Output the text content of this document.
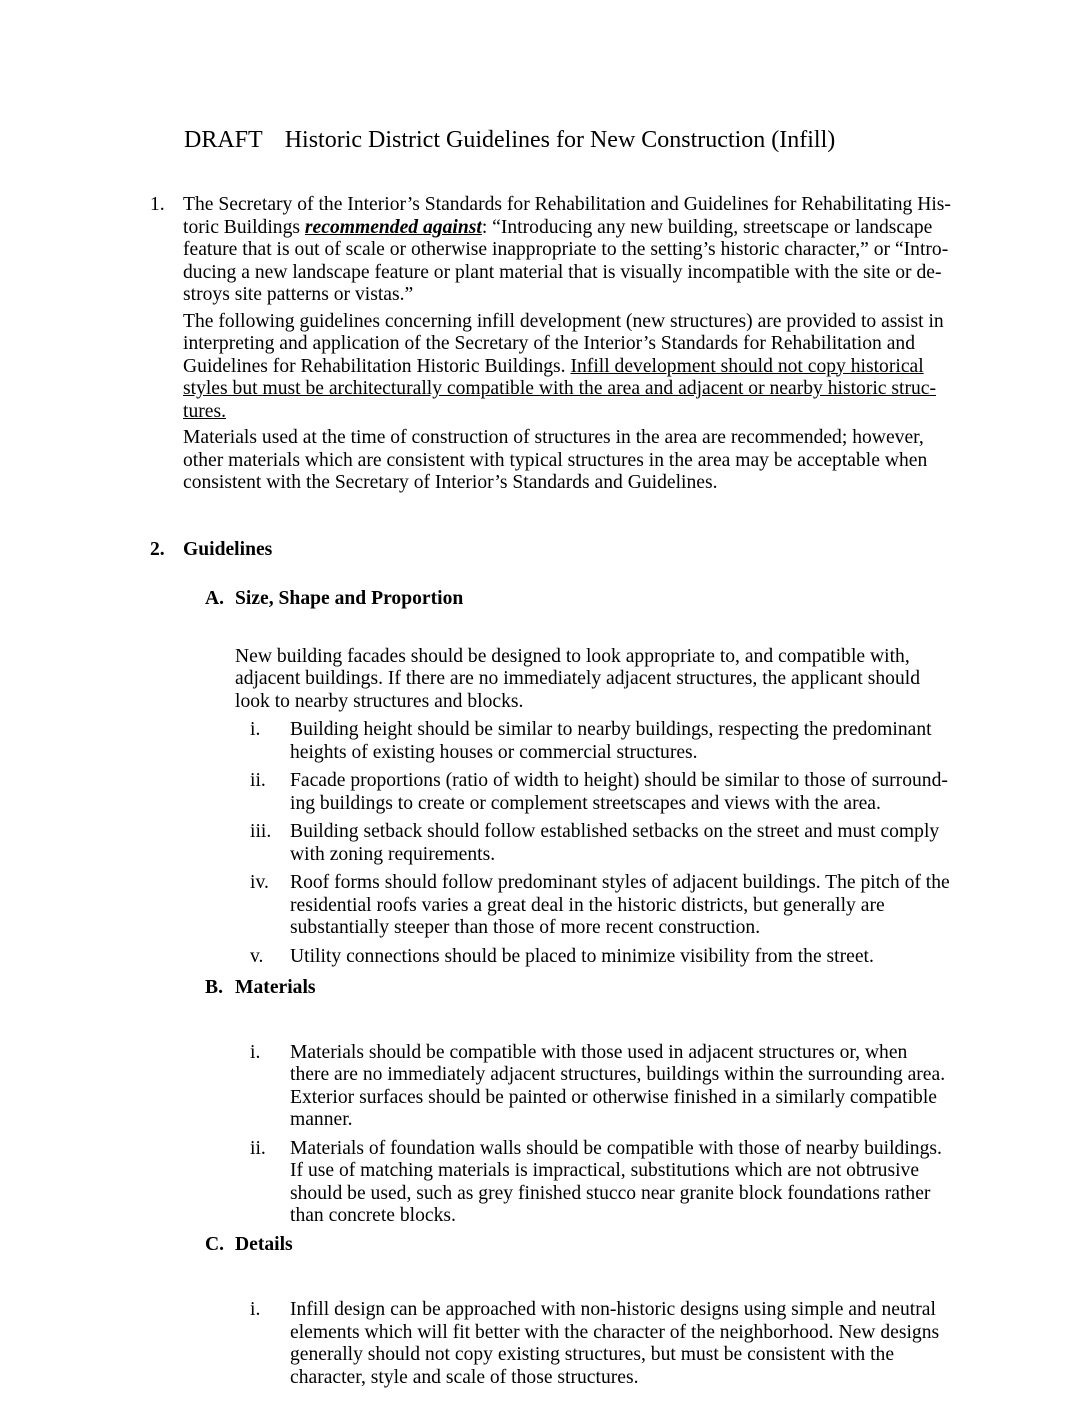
DRAFT Historic District Guidelines for New Construction (Infill)
1. The Secretary of the Interior’s Standards for Rehabilitation and Guidelines for Rehabilitating Historic Buildings recommended against: “Introducing any new building, streetscape or landscape feature that is out of scale or otherwise inappropriate to the setting’s historic character,” or “Introducing a new landscape feature or plant material that is visually incompatible with the site or destroys site patterns or vistas.”

The following guidelines concerning infill development (new structures) are provided to assist in interpreting and application of the Secretary of the Interior’s Standards for Rehabilitation and Guidelines for Rehabilitation Historic Buildings. Infill development should not copy historical styles but must be architecturally compatible with the area and adjacent or nearby historic structures.

Materials used at the time of construction of structures in the area are recommended; however, other materials which are consistent with typical structures in the area may be acceptable when consistent with the Secretary of Interior’s Standards and Guidelines.

2. Guidelines
A. Size, Shape and Proportion

New building facades should be designed to look appropriate to, and compatible with, adjacent buildings. If there are no immediately adjacent structures, the applicant should look to nearby structures and blocks.

i.	Building height should be similar to nearby buildings, respecting the predominant heights of existing houses or commercial structures.
ii.	Facade proportions (ratio of width to height) should be similar to those of surrounding buildings to create or complement streetscapes and views with the area.
iii. Building setback should follow established setbacks on the street and must comply with zoning requirements.
iv.	Roof forms should follow predominant styles of adjacent buildings. The pitch of the residential roofs varies a great deal in the historic districts, but generally are substantially steeper than those of more recent construction.
v.	Utility connections should be placed to minimize visibility from the street.
B. Materials
i.	Materials should be compatible with those used in adjacent structures or, when there are no immediately adjacent structures, buildings within the surrounding area. Exterior surfaces should be painted or otherwise finished in a similarly compatible manner.
ii.	Materials of foundation walls should be compatible with those of nearby buildings. If use of matching materials is impractical, substitutions which are not obtrusive should be used, such as grey finished stucco near granite block foundations rather than concrete blocks.
C. Details
i.	Infill design can be approached with non-historic designs using simple and neutral elements which will fit better with the character of the neighborhood. New designs generally should not copy existing structures, but must be consistent with the character, style and scale of those structures.
